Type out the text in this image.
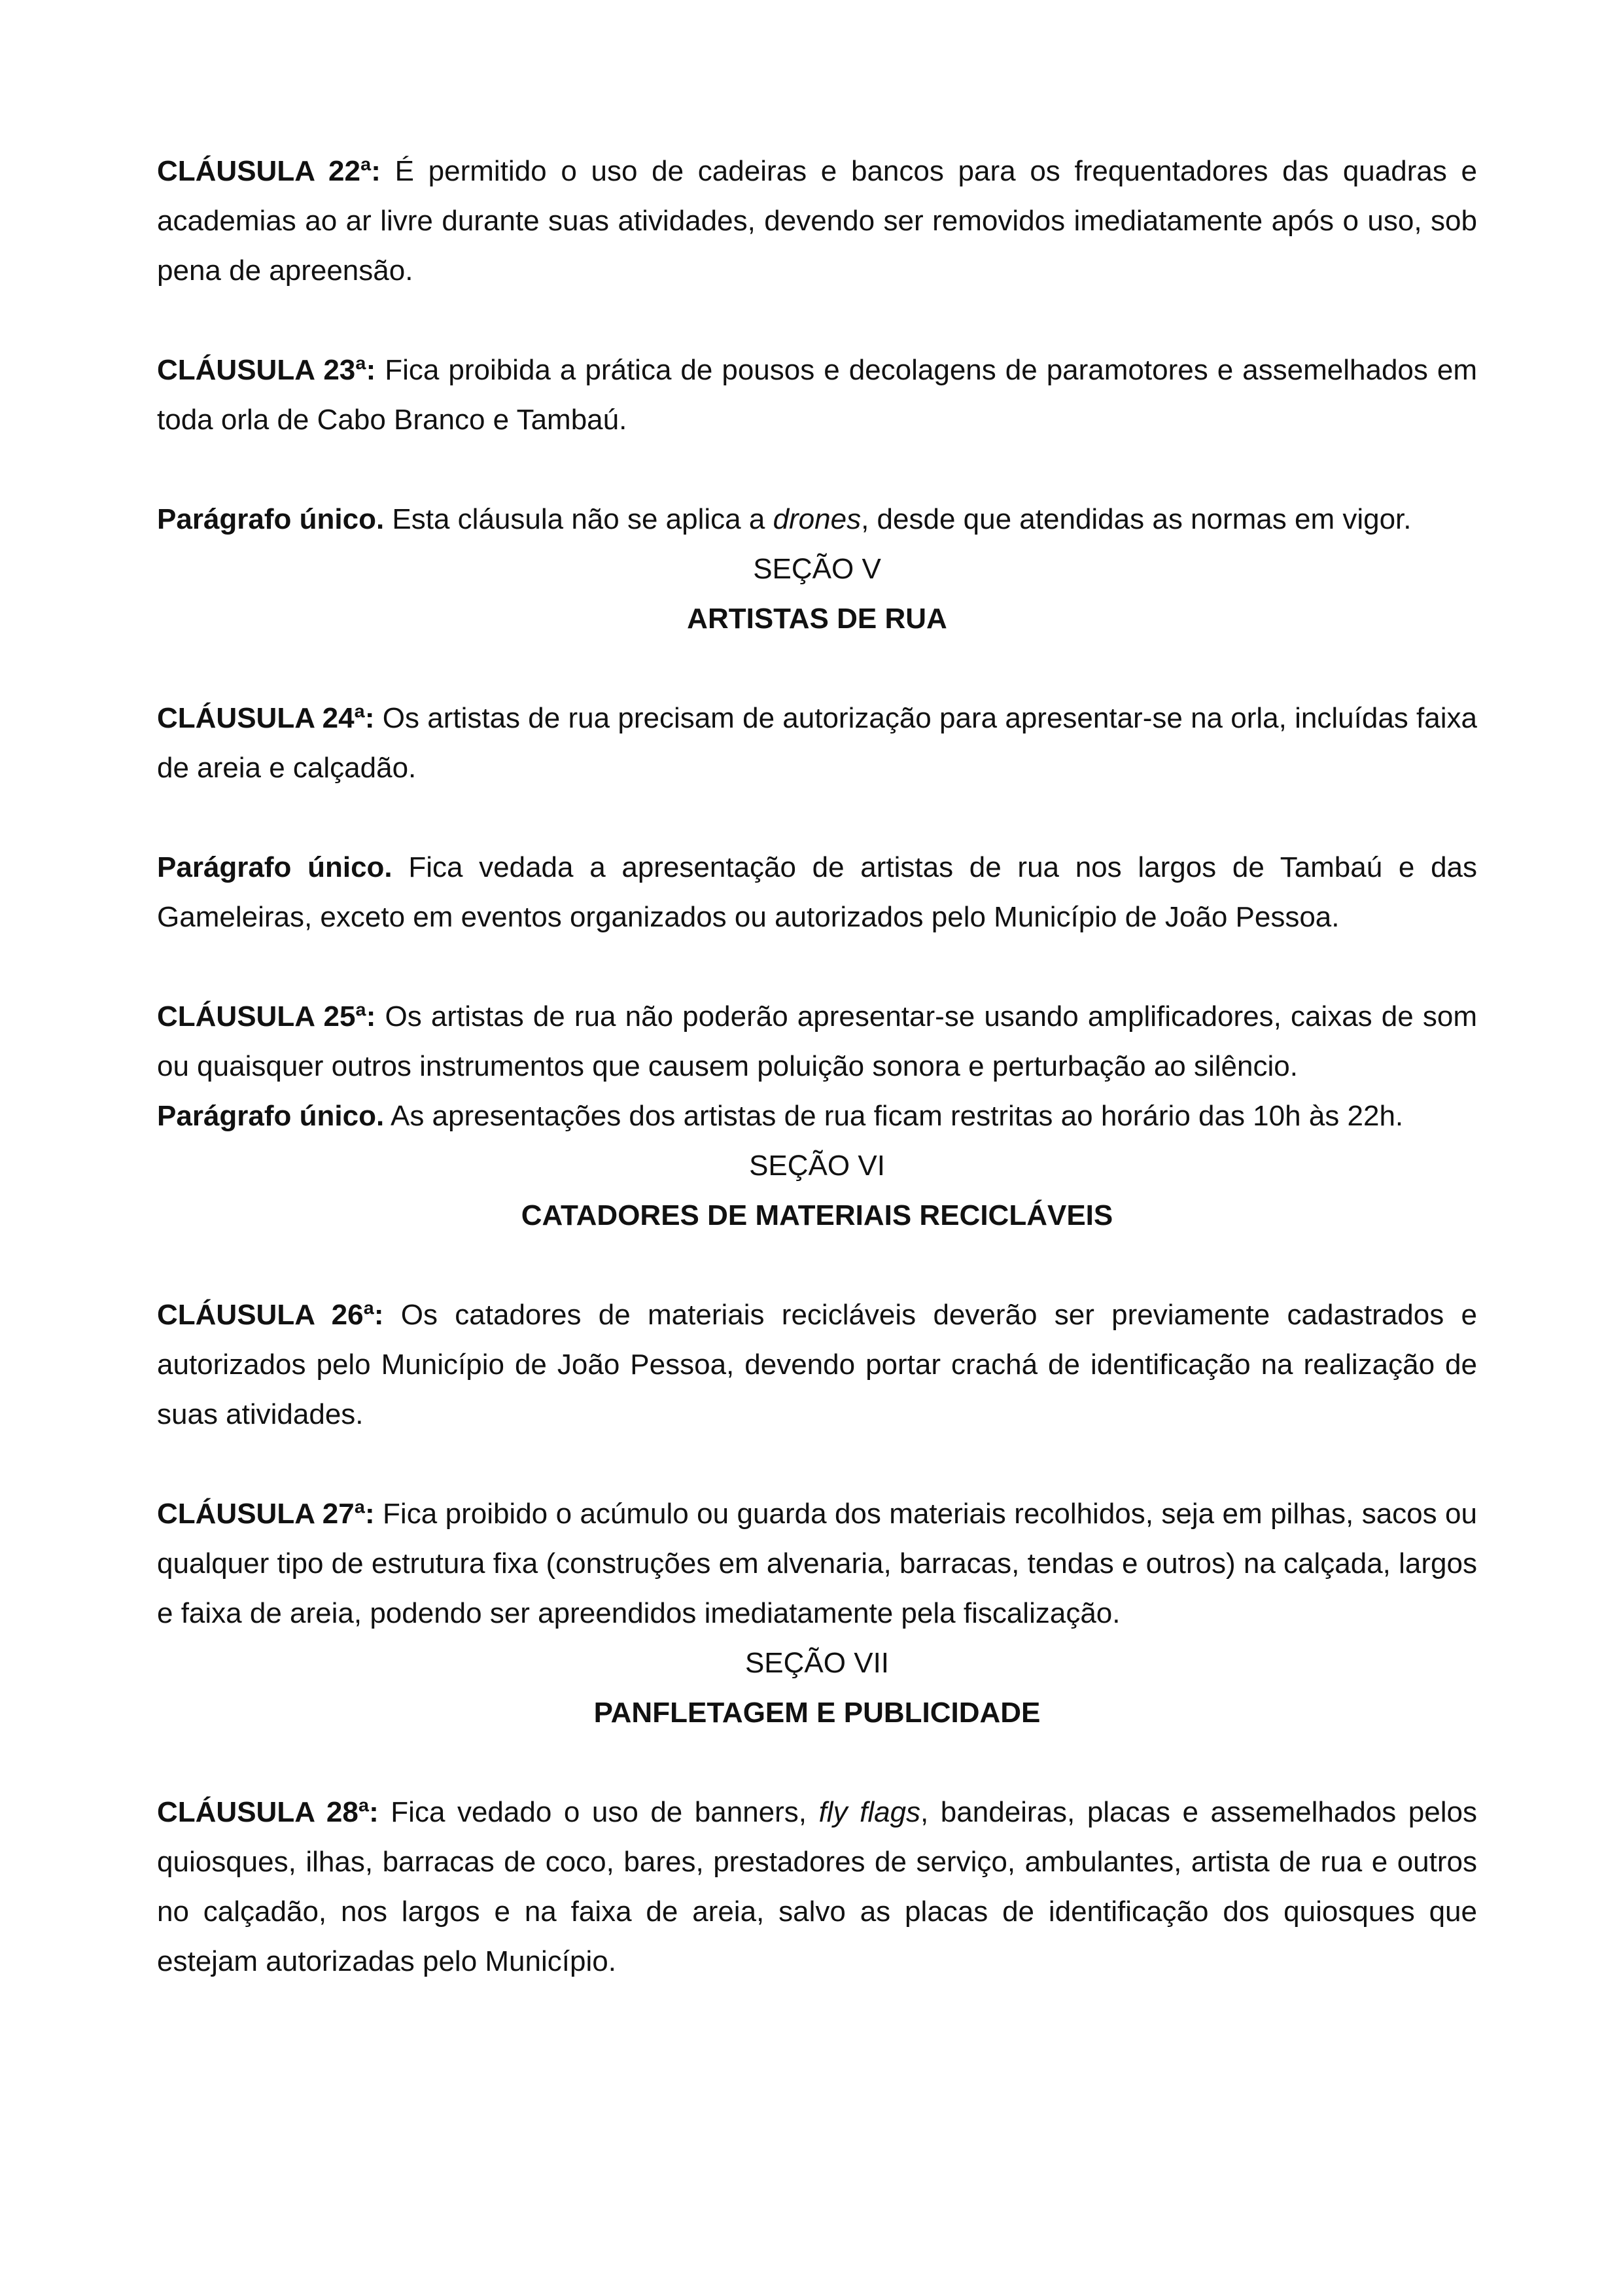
CLÁUSULA 22ª: É permitido o uso de cadeiras e bancos para os frequentadores das quadras e academias ao ar livre durante suas atividades, devendo ser removidos imediatamente após o uso, sob pena de apreensão.

CLÁUSULA 23ª: Fica proibida a prática de pousos e decolagens de paramotores e assemelhados em toda orla de Cabo Branco e Tambaú.

Parágrafo único. Esta cláusula não se aplica a drones, desde que atendidas as normas em vigor.

SEÇÃO V

ARTISTAS DE RUA

CLÁUSULA 24ª: Os artistas de rua precisam de autorização para apresentar-se na orla, incluídas faixa de areia e calçadão.

Parágrafo único. Fica vedada a apresentação de artistas de rua nos largos de Tambaú e das Gameleiras, exceto em eventos organizados ou autorizados pelo Município de João Pessoa.

CLÁUSULA 25ª: Os artistas de rua não poderão apresentar-se usando amplificadores, caixas de som ou quaisquer outros instrumentos que causem poluição sonora e perturbação ao silêncio.

Parágrafo único. As apresentações dos artistas de rua ficam restritas ao horário das 10h às 22h.

SEÇÃO VI

CATADORES DE MATERIAIS RECICLÁVEIS

CLÁUSULA 26ª: Os catadores de materiais recicláveis deverão ser previamente cadastrados e autorizados pelo Município de João Pessoa, devendo portar crachá de identificação na realização de suas atividades.

CLÁUSULA 27ª: Fica proibido o acúmulo ou guarda dos materiais recolhidos, seja em pilhas, sacos ou qualquer tipo de estrutura fixa (construções em alvenaria, barracas, tendas e outros) na calçada, largos e faixa de areia, podendo ser apreendidos imediatamente pela fiscalização.

SEÇÃO VII

PANFLETAGEM E PUBLICIDADE

CLÁUSULA 28ª: Fica vedado o uso de banners, fly flags, bandeiras, placas e assemelhados pelos quiosques, ilhas, barracas de coco, bares, prestadores de serviço, ambulantes, artista de rua e outros no calçadão, nos largos e na faixa de areia, salvo as placas de identificação dos quiosques que estejam autorizadas pelo Município.
